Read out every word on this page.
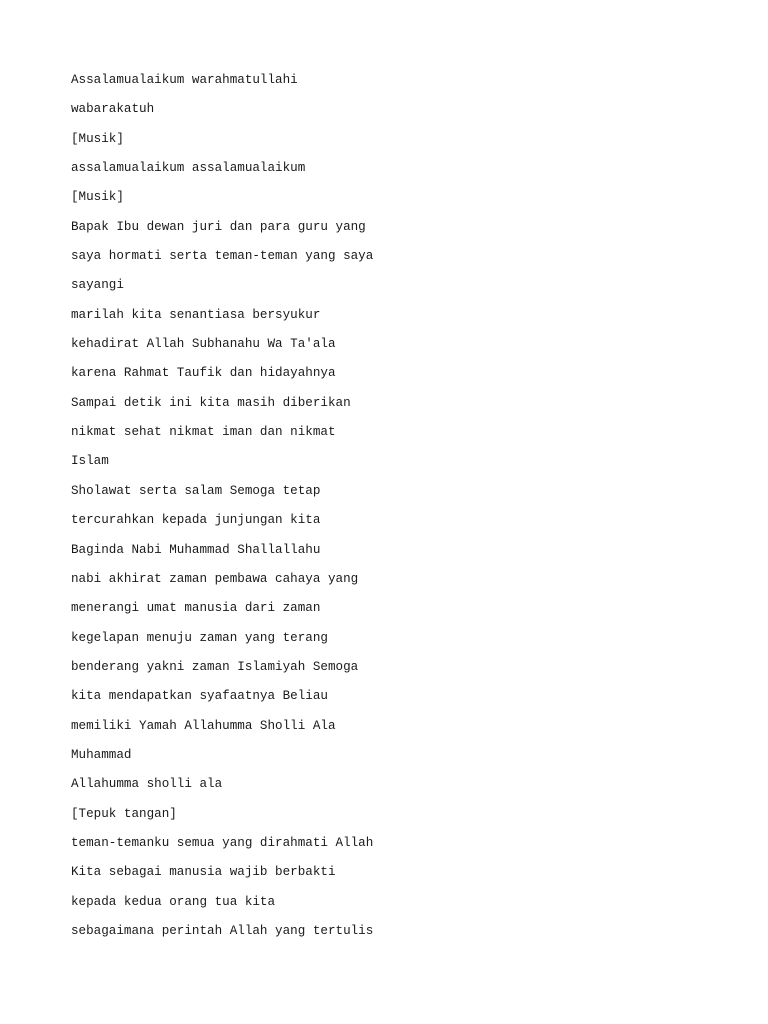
Assalamualaikum warahmatullahi
wabarakatuh
[Musik]
assalamualaikum assalamualaikum
[Musik]
Bapak Ibu dewan juri dan para guru yang
saya hormati serta teman-teman yang saya
sayangi
marilah kita senantiasa bersyukur
kehadirat Allah Subhanahu Wa Ta'ala
karena Rahmat Taufik dan hidayahnya
Sampai detik ini kita masih diberikan
nikmat sehat nikmat iman dan nikmat
Islam
Sholawat serta salam Semoga tetap
tercurahkan kepada junjungan kita
Baginda Nabi Muhammad Shallallahu
nabi akhirat zaman pembawa cahaya yang
menerangi umat manusia dari zaman
kegelapan menuju zaman yang terang
benderang yakni zaman Islamiyah Semoga
kita mendapatkan syafaatnya Beliau
memiliki Yamah Allahumma Sholli Ala
Muhammad
Allahumma sholli ala
[Tepuk tangan]
teman-temanku semua yang dirahmati Allah
Kita sebagai manusia wajib berbakti
kepada kedua orang tua kita
sebagaimana perintah Allah yang tertulis
